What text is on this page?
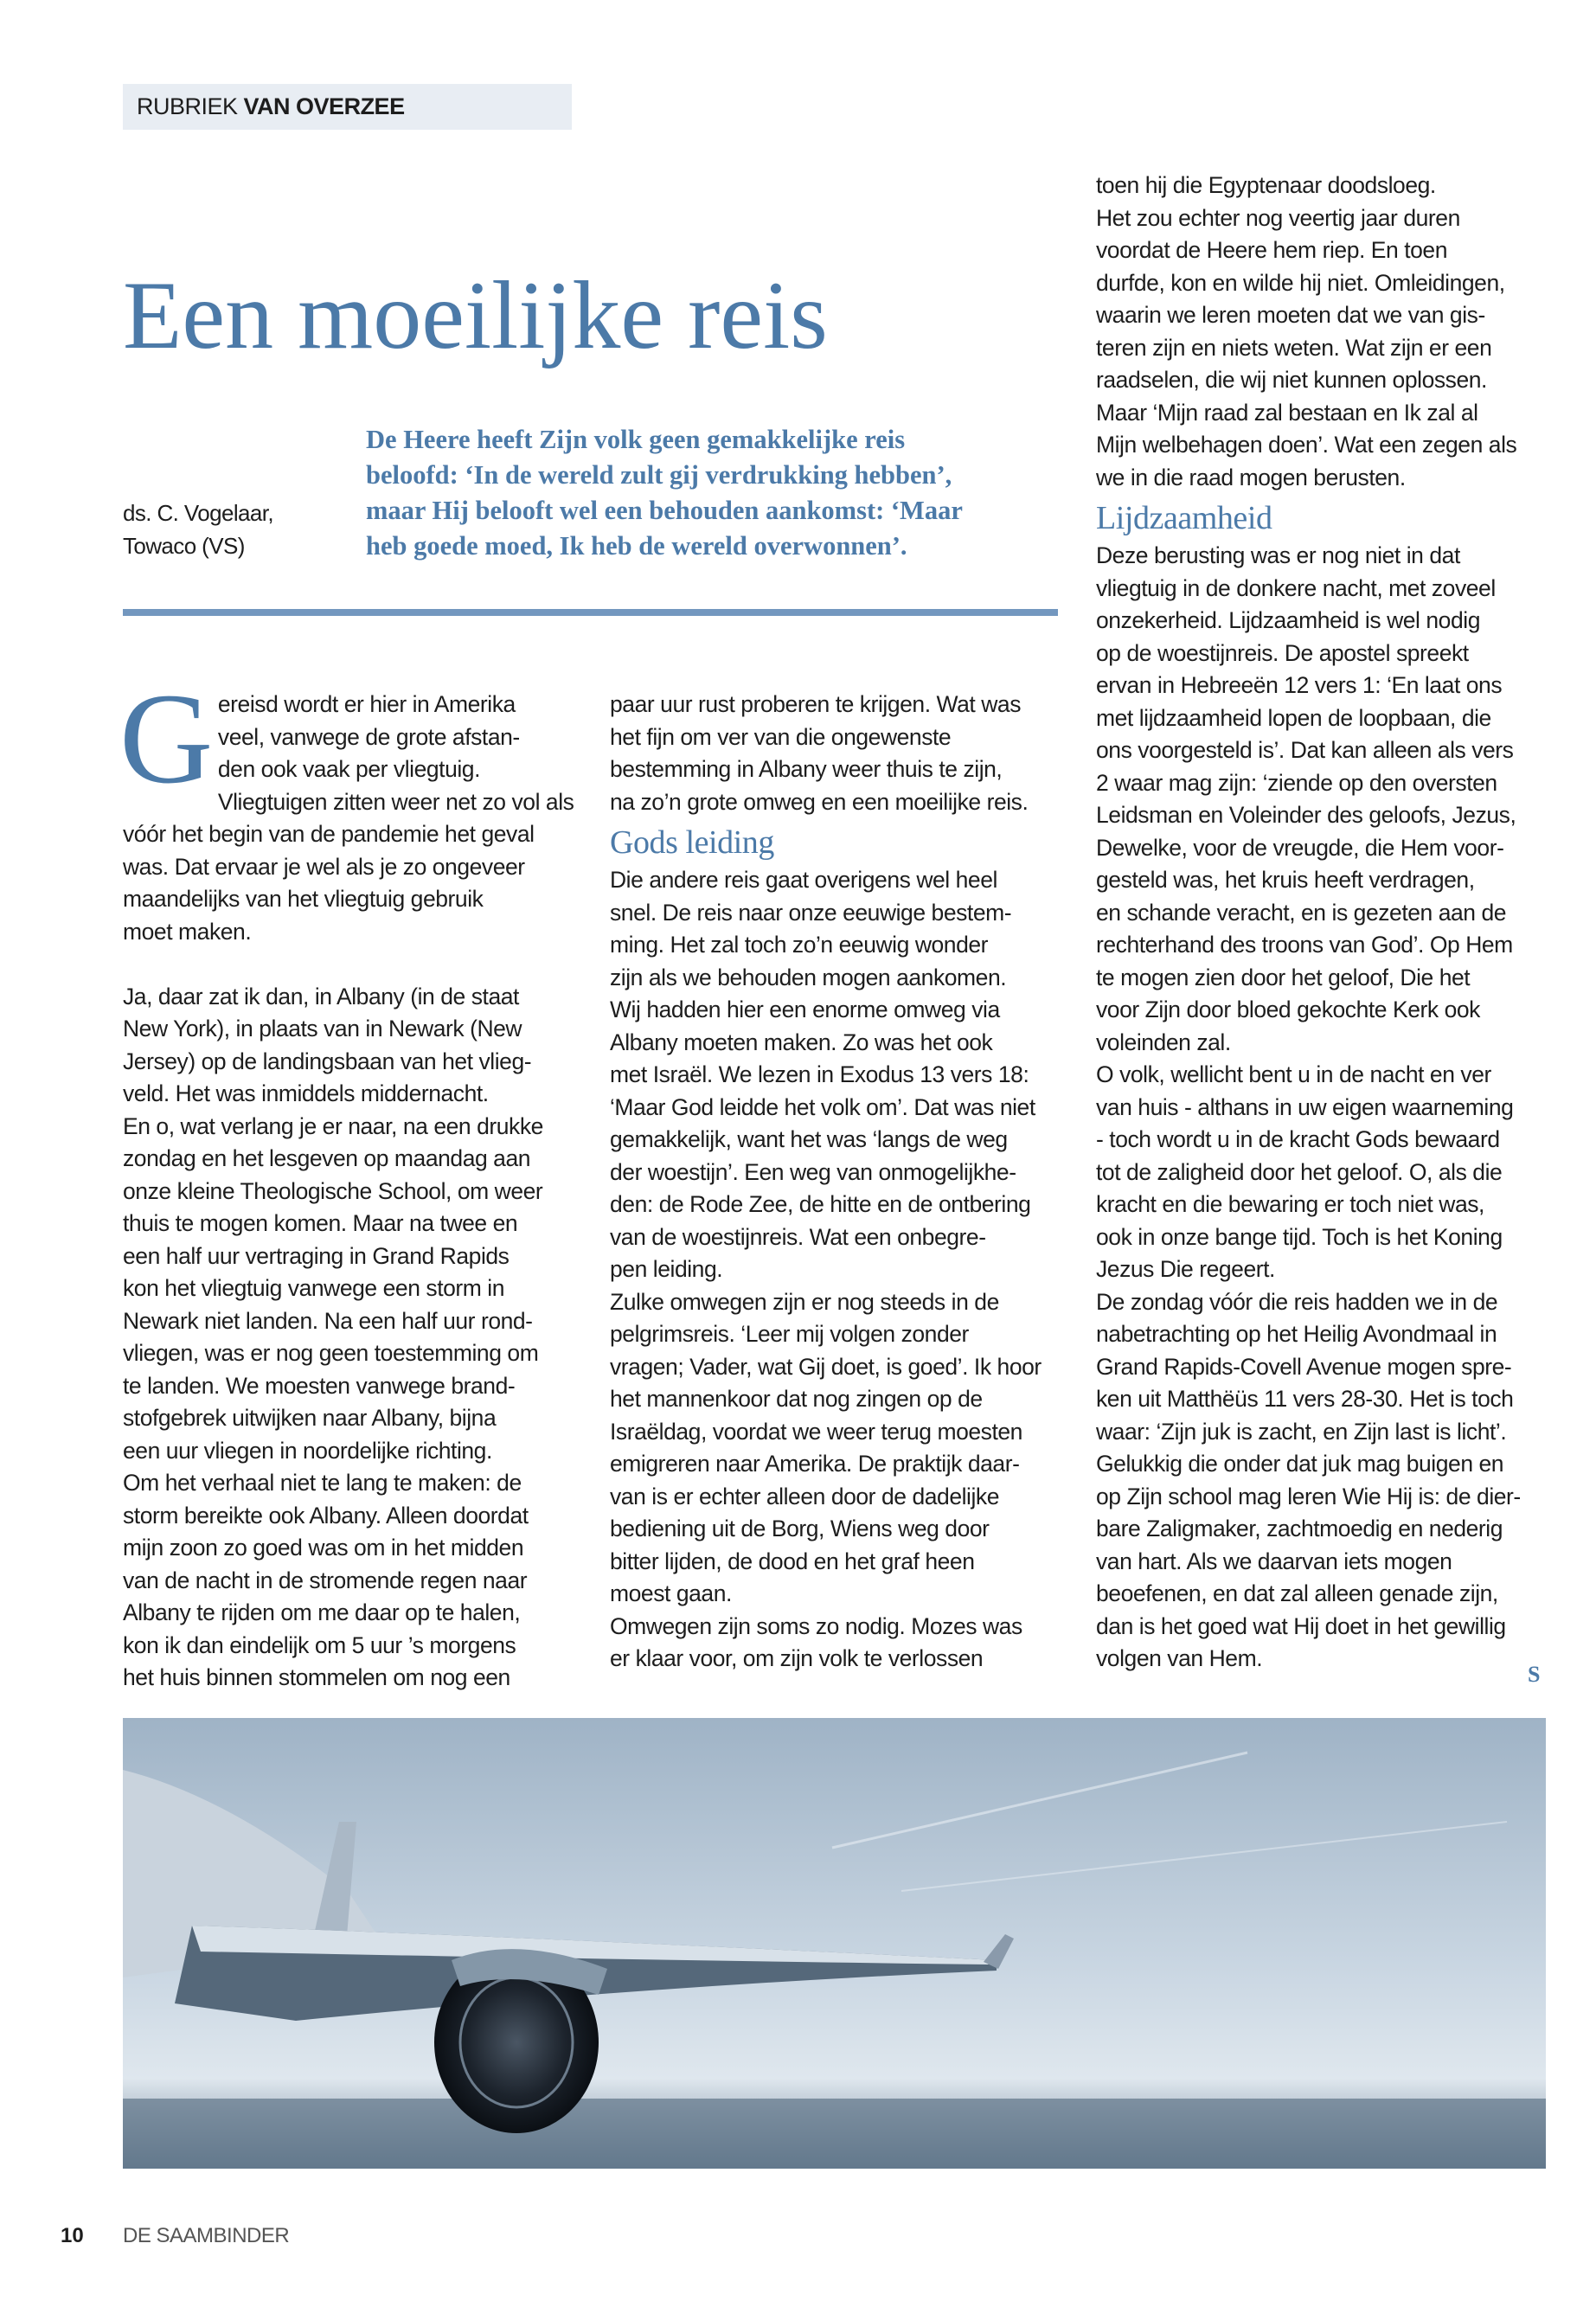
RUBRIEK VAN OVERZEE
Een moeilijke reis
ds. C. Vogelaar,
Towaco (VS)
De Heere heeft Zijn volk geen gemakkelijke reis
beloofd: ‘In de wereld zult gij verdrukking hebben’,
maar Hij belooft wel een behouden aankomst: ‘Maar
heb goede moed, Ik heb de wereld overwonnen’.
G ereisd wordt er hier in Amerika
veel, vanwege de grote afstan-
den ook vaak per vliegtuig.
Vliegtuigen zitten weer net zo vol als
vóór het begin van de pandemie het geval
was. Dat ervaar je wel als je zo ongeveer
maandelijks van het vliegtuig gebruik
moet maken.
Ja, daar zat ik dan, in Albany (in de staat
New York), in plaats van in Newark (New
Jersey) op de landingsbaan van het vlieg-
veld. Het was inmiddels middernacht.
En o, wat verlang je er naar, na een drukke
zondag en het lesgeven op maandag aan
onze kleine Theologische School, om weer
thuis te mogen komen. Maar na twee en
een half uur vertraging in Grand Rapids
kon het vliegtuig vanwege een storm in
Newark niet landen. Na een half uur rond-
vliegen, was er nog geen toestemming om
te landen. We moesten vanwege brand-
stofgebrek uitwijken naar Albany, bijna
een uur vliegen in noordelijke richting.
Om het verhaal niet te lang te maken: de
storm bereikte ook Albany. Alleen doordat
mijn zoon zo goed was om in het midden
van de nacht in de stromende regen naar
Albany te rijden om me daar op te halen,
kon ik dan eindelijk om 5 uur ’s morgens
het huis binnen stommelen om nog een
paar uur rust proberen te krijgen. Wat was
het fijn om ver van die ongewenste
bestemming in Albany weer thuis te zijn,
na zo’n grote omweg en een moeilijke reis.
Gods leiding
Die andere reis gaat overigens wel heel
snel. De reis naar onze eeuwige bestem-
ming. Het zal toch zo’n eeuwig wonder
zijn als we behouden mogen aankomen.
Wij hadden hier een enorme omweg via
Albany moeten maken. Zo was het ook
met Israël. We lezen in Exodus 13 vers 18:
‘Maar God leidde het volk om’. Dat was niet
gemakkelijk, want het was ‘langs de weg
der woestijn’. Een weg van onmogelijkhe-
den: de Rode Zee, de hitte en de ontbering
van de woestijnreis. Wat een onbegre-
pen leiding.
Zulke omwegen zijn er nog steeds in de
pelgrimsreis. ‘Leer mij volgen zonder
vragen; Vader, wat Gij doet, is goed’. Ik hoor
het mannenkoor dat nog zingen op de
Israëldag, voordat we weer terug moesten
emigreren naar Amerika. De praktijk daar-
van is er echter alleen door de dadelijke
bediening uit de Borg, Wiens weg door
bitter lijden, de dood en het graf heen
moest gaan.
Omwegen zijn soms zo nodig. Mozes was
er klaar voor, om zijn volk te verlossen
toen hij die Egyptenaar doodsloeg.
Het zou echter nog veertig jaar duren
voordat de Heere hem riep. En toen
durfde, kon en wilde hij niet. Omleidingen,
waarin we leren moeten dat we van gis-
teren zijn en niets weten. Wat zijn er een
raadselen, die wij niet kunnen oplossen.
Maar ‘Mijn raad zal bestaan en Ik zal al
Mijn welbehagen doen’. Wat een zegen als
we in die raad mogen berusten.
Lijdzaamheid
Deze berusting was er nog niet in dat
vliegtuig in de donkere nacht, met zoveel
onzekerheid. Lijdzaamheid is wel nodig
op de woestijnreis. De apostel spreekt
ervan in Hebreeën 12 vers 1: ‘En laat ons
met lijdzaamheid lopen de loopbaan, die
ons voorgesteld is’. Dat kan alleen als vers
2 waar mag zijn: ‘ziende op den oversten
Leidsman en Voleinder des geloofs, Jezus,
Dewelke, voor de vreugde, die Hem voor-
gesteld was, het kruis heeft verdragen,
en schande veracht, en is gezeten aan de
rechterhand des troons van God’. Op Hem
te mogen zien door het geloof, Die het
voor Zijn door bloed gekochte Kerk ook
voleinden zal.
O volk, wellicht bent u in de nacht en ver
van huis - althans in uw eigen waarneming
- toch wordt u in de kracht Gods bewaard
tot de zaligheid door het geloof. O, als die
kracht en die bewaring er toch niet was,
ook in onze bange tijd. Toch is het Koning
Jezus Die regeert.
De zondag vóór die reis hadden we in de
nabetrachting op het Heilig Avondmaal in
Grand Rapids-Covell Avenue mogen spre-
ken uit Matthëüs 11 vers 28-30. Het is toch
waar: ‘Zijn juk is zacht, en Zijn last is licht’.
Gelukkig die onder dat juk mag buigen en
op Zijn school mag leren Wie Hij is: de dier-
bare Zaligmaker, zachtmoedig en nederig
van hart. Als we daarvan iets mogen
beoefenen, en dat zal alleen genade zijn,
dan is het goed wat Hij doet in het gewillig
volgen van Hem.
S
10 DE SAAMBINDER
